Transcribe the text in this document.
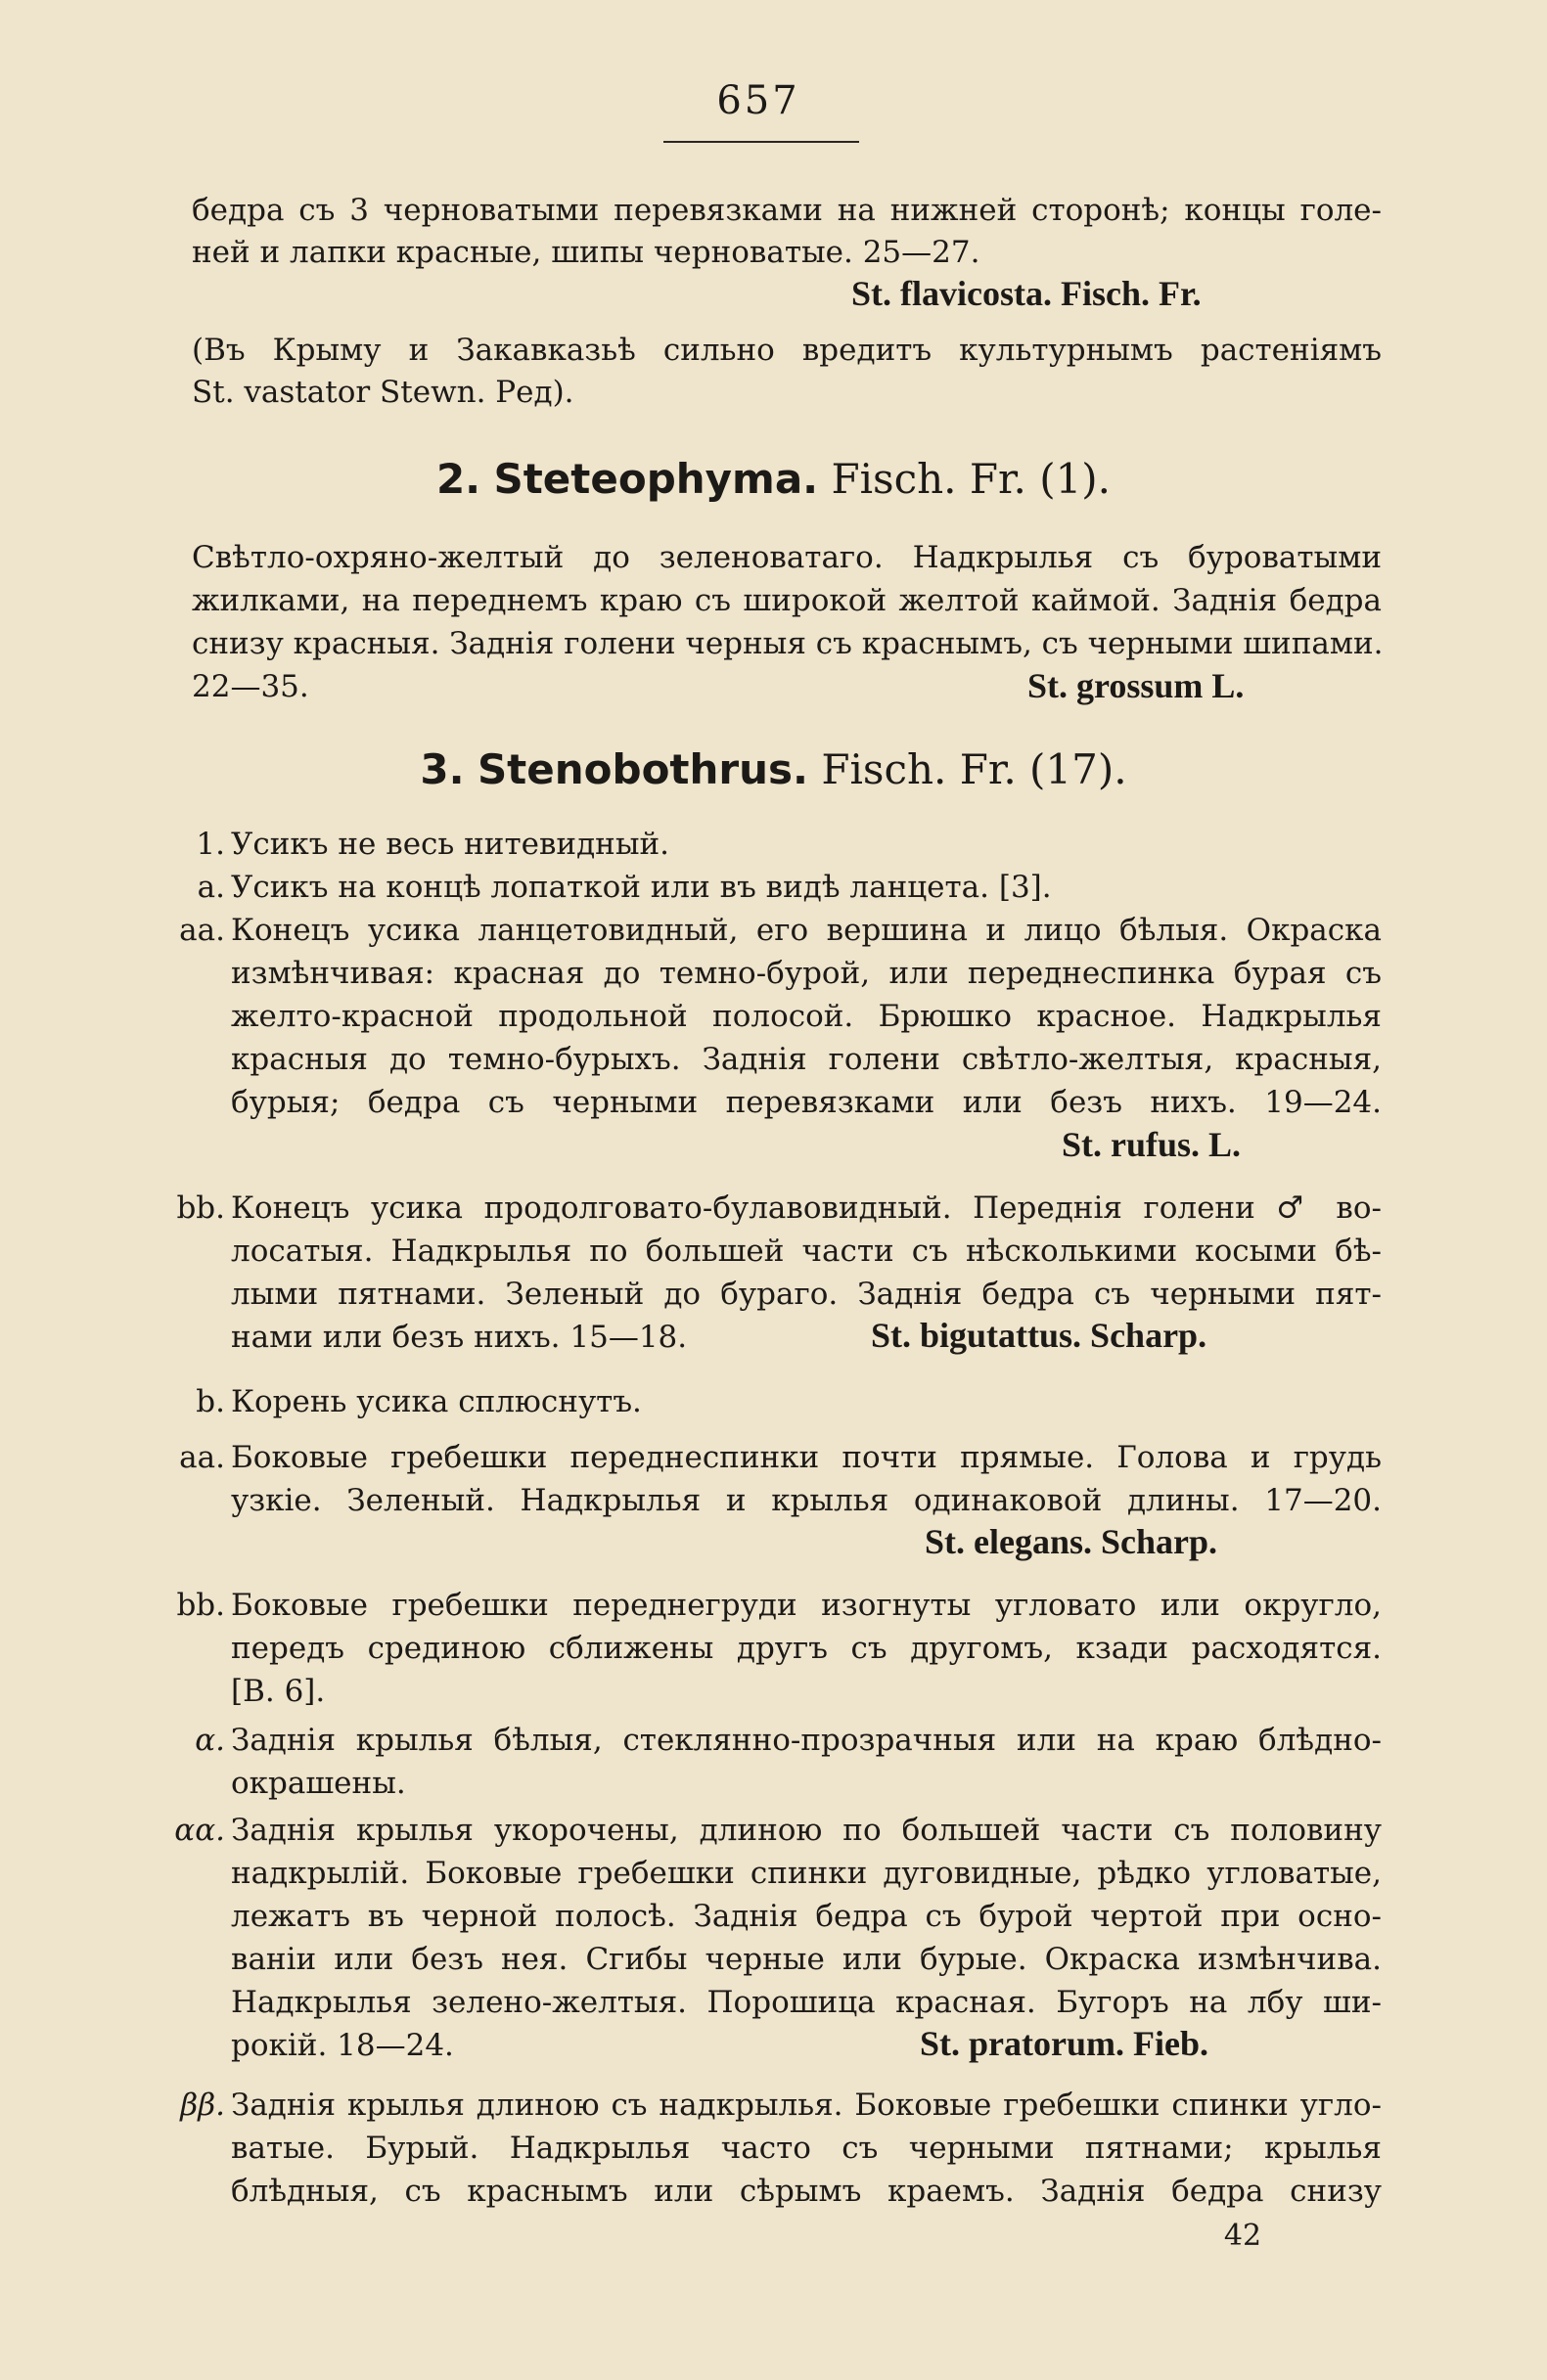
657
бедра съ 3 черноватыми перевязками на нижней сторонѣ; концы голе-
ней и лапки красные, шипы черноватые. 25—27.
St. flavicosta. Fisch. Fr.
(Въ Крыму и Закавказьѣ сильно вредитъ культурнымъ растеніямъ
St. vastator Stewn. Ред).
2. Steteophyma. Fisch. Fr. (1).
Свѣтло-охряно-желтый до зеленоватаго. Надкрылья съ буроватыми
жилками, на переднемъ краю съ широкой желтой каймой. Заднія бедра
снизу красныя. Заднія голени черныя съ краснымъ, съ черными шипами.
22—35.	St. grossum L.
3. Stenobothrus. Fisch. Fr. (17).
1. Усикъ не весь нитевидный.
a. Усикъ на концѣ лопаткой или въ видѣ ланцета. [3].
aa. Конецъ усика ланцетовидный, его вершина и лицо бѣлыя. Окраска
измѣнчивая: красная до темно-бурой, или переднеспинка бурая съ
желто-красной продольной полосой. Брюшко красное. Надкрылья
красныя до темно-бурыхъ. Заднія голени свѣтло-желтыя, красныя,
бурыя; бедра съ черными перевязками или безъ нихъ. 19—24.
St. rufus. L.
bb. Конецъ усика продолговато-булавовидный. Переднія голени ♂ во-
лосатыя. Надкрылья по большей части съ нѣсколькими косыми бѣ-
лыми пятнами. Зеленый до бураго. Заднія бедра съ черными пят-
нами или безъ нихъ. 15—18.	St. bigutattus. Scharp.
b. Корень усика сплюснутъ.
aa. Боковые гребешки переднеспинки почти прямые. Голова и грудь
узкіе. Зеленый. Надкрылья и крылья одинаковой длины. 17—20.
St. elegans. Scharp.
bb. Боковые гребешки переднегруди изогнуты угловато или округло,
передъ срединою сближены другъ съ другомъ, кзади расходятся.
[B. 6].
α. Заднія крылья бѣлыя, стеклянно-прозрачныя или на краю блѣдно-
окрашены.
αα. Заднія крылья укорочены, длиною по большей части съ половину
надкрылій. Боковые гребешки спинки дуговидные, рѣдко угловатые,
лежатъ въ черной полосѣ. Заднія бедра съ бурой чертой при осно-
ваніи или безъ нея. Сгибы черные или бурые. Окраска измѣнчива.
Надкрылья зелено-желтыя. Порошица красная. Бугоръ на лбу ши-
рокій. 18—24.	St. pratorum. Fieb.
ββ. Заднія крылья длиною съ надкрылья. Боковые гребешки спинки угло-
ватые. Бурый. Надкрылья часто съ черными пятнами; крылья
блѣдныя, съ краснымъ или сѣрымъ краемъ. Заднія бедра снизу
42
